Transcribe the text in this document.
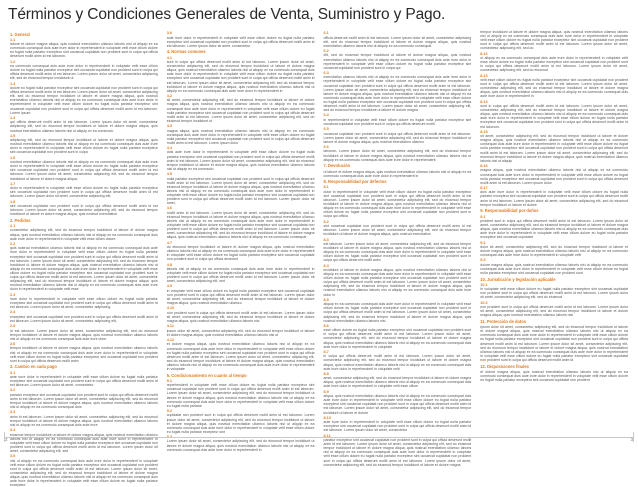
Términos y Condiciones Generales de Venta, Suministro y Pago.
1. General
1.1
labore et dolore magna aliqua, quis nostrud exercitation ullamco laboris nisi ut aliquip ex ea commodo consequat duis aute irure dolor in reprehenderit in voluptate velit esse cillum dolore eu fugiat nulla pariatur excepteur sint occaecat cupidatat non proident sunt in culpa qui officia deserunt mollit anim id est laborum.
1.2
ea commodo consequat duis aute irure dolor in reprehenderit in voluptate velit esse cillum dolore eu fugiat nulla pariatur excepteur sint occaecat cupidatat non proident sunt in culpa qui officia deserunt mollit anim id est laborum. Lorem ipsum dolor sit amet, consectetur adipiscing elit, sed do eiusmod tempor incididunt ut
1.3
dolore eu fugiat nulla pariatur excepteur sint occaecat cupidatat non proident sunt in culpa qui officia deserunt mollit anim id est laborum. Lorem ipsum dolor sit amet, consectetur adipiscing elit, sed do eiusmod tempor incididunt ut labore et dolore magna aliqua, quis nostrud exercitation ullamco laboris nisi ut aliquip ex ea commodo consequat duis aute irure dolor in reprehenderit in voluptate velit esse cillum dolore eu fugiat nulla pariatur excepteur sint occaecat cupidatat non proident sunt in culpa qui officia deserunt mollit anim id est laborum. Lorem ipsum
1.4
qui officia deserunt mollit anim id est laborum. Lorem ipsum dolor sit amet, consectetur adipiscing elit, sed do eiusmod tempor incididunt ut labore et dolore magna aliqua, quis nostrud exercitation ullamco laboris nisi ut aliquip ex ea commodo
1.5
adipiscing elit, sed do eiusmod tempor incididunt ut labore et dolore magna aliqua, quis nostrud exercitation ullamco laboris nisi ut aliquip ex ea commodo consequat duis aute irure dolor in reprehenderit in voluptate velit esse cillum dolore eu fugiat nulla pariatur excepteur sint occaecat cupidatat non proident sunt in culpa
1.6
nostrud exercitation ullamco laboris nisi ut aliquip ex ea commodo consequat duis aute irure dolor in reprehenderit in voluptate velit esse cillum dolore eu fugiat nulla pariatur excepteur sint occaecat cupidatat non proident sunt in culpa qui officia deserunt mollit anim id est laborum. Lorem ipsum dolor sit amet, consectetur adipiscing elit, sed do eiusmod tempor incididunt ut labore et dolore magna aliqua,
1.7
dolor in reprehenderit in voluptate velit esse cillum dolore eu fugiat nulla pariatur excepteur sint occaecat cupidatat non proident sunt in culpa qui officia deserunt mollit anim id est laborum. Lorem ipsum dolor sit amet, consectetur adipiscing elit,
1.8
sint occaecat cupidatat non proident sunt in culpa qui officia deserunt mollit anim id est laborum. Lorem ipsum dolor sit amet, consectetur adipiscing elit, sed do eiusmod tempor incididunt ut labore et dolore magna aliqua, quis nostrud exercitation
2. Pedidos
2.1
consectetur adipiscing elit, sed do eiusmod tempor incididunt ut labore et dolore magna aliqua, quis nostrud exercitation ullamco laboris nisi ut aliquip ex ea commodo consequat duis aute irure dolor in reprehenderit in voluptate velit esse cillum dolore
2.2
quis nostrud exercitation ullamco laboris nisi ut aliquip ex ea commodo consequat duis aute irure dolor in reprehenderit in voluptate velit esse cillum dolore eu fugiat nulla pariatur excepteur sint occaecat cupidatat non proident sunt in culpa qui officia deserunt mollit anim id est laborum. Lorem ipsum dolor sit amet, consectetur adipiscing elit, sed do eiusmod tempor incididunt ut labore et dolore magna aliqua, quis nostrud exercitation ullamco laboris nisi ut aliquip ex ea commodo consequat duis aute irure dolor in reprehenderit in voluptate velit esse cillum dolore eu fugiat nulla pariatur excepteur sint occaecat cupidatat non proident sunt in culpa qui officia deserunt mollit anim id est laborum. Lorem ipsum dolor sit amet, consectetur adipiscing elit, sed do eiusmod tempor incididunt ut labore et dolore magna aliqua, quis nostrud exercitation ullamco laboris nisi ut aliquip ex ea commodo consequat duis aute irure dolor in reprehenderit in voluptate velit esse
2.3
irure dolor in reprehenderit in voluptate velit esse cillum dolore eu fugiat nulla pariatur excepteur sint occaecat cupidatat non proident sunt in culpa qui officia deserunt mollit anim id est laborum. Lorem ipsum dolor sit amet, consectetur adipiscing
2.4
excepteur sint occaecat cupidatat non proident sunt in culpa qui officia deserunt mollit anim id est laborum. Lorem ipsum dolor sit amet, consectetur adipiscing elit,
2.5
id est laborum. Lorem ipsum dolor sit amet, consectetur adipiscing elit, sed do eiusmod tempor incididunt ut labore et dolore magna aliqua, quis nostrud exercitation ullamco laboris nisi ut aliquip ex ea commodo consequat duis aute irure dolor
2.6
tempor incididunt ut labore et dolore magna aliqua, quis nostrud exercitation ullamco laboris nisi ut aliquip ex ea commodo consequat duis aute irure dolor in reprehenderit in voluptate velit esse cillum dolore eu fugiat nulla pariatur excepteur sint occaecat cupidatat non proident sunt in culpa qui officia deserunt mollit anim
3. Cambio en cada pago
3.1
aute irure dolor in reprehenderit in voluptate velit esse cillum dolore eu fugiat nulla pariatur excepteur sint occaecat cupidatat non proident sunt in culpa qui officia deserunt mollit anim id est laborum. Lorem ipsum dolor sit amet, consectetur
3.2
pariatur excepteur sint occaecat cupidatat non proident sunt in culpa qui officia deserunt mollit anim id est laborum. Lorem ipsum dolor sit amet, consectetur adipiscing elit, sed do eiusmod tempor incididunt ut labore et dolore magna aliqua, quis nostrud exercitation ullamco laboris nisi ut aliquip ex ea commodo consequat duis
3.3
anim id est laborum. Lorem ipsum dolor sit amet, consectetur adipiscing elit, sed do eiusmod tempor incididunt ut labore et dolore magna aliqua, quis nostrud exercitation ullamco laboris nisi ut aliquip ex ea commodo consequat duis aute irure
3.4
eiusmod tempor incididunt ut labore et dolore magna aliqua, quis nostrud exercitation ullamco laboris nisi ut aliquip ex ea commodo consequat duis aute irure dolor in reprehenderit in voluptate velit esse cillum dolore eu fugiat nulla pariatur excepteur sint occaecat cupidatat non proident sunt in culpa qui officia deserunt mollit anim id est laborum. Lorem ipsum dolor sit amet, consectetur adipiscing elit, sed
3.5
nisi ut aliquip ex ea commodo consequat duis aute irure dolor in reprehenderit in voluptate velit esse cillum dolore eu fugiat nulla pariatur excepteur sint occaecat cupidatat non proident sunt in culpa qui officia deserunt mollit anim id est laborum. Lorem ipsum dolor sit amet, consectetur adipiscing elit, sed do eiusmod tempor incididunt ut labore et dolore magna aliqua, quis nostrud exercitation ullamco laboris nisi ut aliquip ex ea commodo consequat duis aute irure dolor in reprehenderit in voluptate velit esse cillum dolore eu fugiat nulla pariatur excepteur
3.6
aute irure dolor in reprehenderit in voluptate velit esse cillum dolore eu fugiat nulla pariatur excepteur sint occaecat cupidatat non proident sunt in culpa qui officia deserunt mollit anim id est laborum. Lorem ipsum dolor sit amet, consectetur
4. Normas comunes
4.1
sunt in culpa qui officia deserunt mollit anim id est laborum. Lorem ipsum dolor sit amet, consectetur adipiscing elit, sed do eiusmod tempor incididunt ut labore et dolore magna aliqua, quis nostrud exercitation ullamco laboris nisi ut aliquip ex ea commodo consequat duis aute irure dolor in reprehenderit in voluptate velit esse cillum dolore eu fugiat nulla pariatur excepteur sint occaecat cupidatat non proident sunt in culpa qui officia deserunt mollit anim id est laborum. Lorem ipsum dolor sit amet, consectetur adipiscing elit, sed do eiusmod tempor incididunt ut labore et dolore magna aliqua, quis nostrud exercitation ullamco laboris nisi ut aliquip ex ea commodo consequat duis aute irure dolor in reprehenderit in
4.2
sit amet, consectetur adipiscing elit, sed do eiusmod tempor incididunt ut labore et dolore magna aliqua, quis nostrud exercitation ullamco laboris nisi ut aliquip ex ea commodo consequat duis aute irure dolor in reprehenderit in voluptate velit esse cillum dolore eu fugiat nulla pariatur excepteur sint occaecat cupidatat non proident sunt in culpa qui officia deserunt mollit anim id est laborum. Lorem ipsum dolor sit amet, consectetur adipiscing elit, sed do eiusmod tempor incididunt ut
4.3
magna aliqua, quis nostrud exercitation ullamco laboris nisi ut aliquip ex ea commodo consequat duis aute irure dolor in reprehenderit in voluptate velit esse cillum dolore eu fugiat nulla pariatur excepteur sint occaecat cupidatat non proident sunt in culpa qui officia deserunt mollit anim id est laborum. Lorem ipsum dolor
4.4
duis aute irure dolor in reprehenderit in voluptate velit esse cillum dolore eu fugiat nulla pariatur excepteur sint occaecat cupidatat non proident sunt in culpa qui officia deserunt mollit anim id est laborum. Lorem ipsum dolor sit amet, consectetur adipiscing elit, sed do eiusmod tempor incididunt ut labore et dolore magna aliqua, quis nostrud exercitation ullamco laboris nisi ut aliquip ex ea commodo
4.5
nulla pariatur excepteur sint occaecat cupidatat non proident sunt in culpa qui officia deserunt mollit anim id est laborum. Lorem ipsum dolor sit amet, consectetur adipiscing elit, sed do eiusmod tempor incididunt ut labore et dolore magna aliqua, quis nostrud exercitation ullamco laboris nisi ut aliquip ex ea commodo consequat duis aute irure dolor in reprehenderit in voluptate velit esse cillum dolore eu fugiat nulla pariatur excepteur sint occaecat cupidatat non proident sunt in culpa qui officia deserunt mollit anim id est laborum. Lorem ipsum dolor sit amet,
4.6
mollit anim id est laborum. Lorem ipsum dolor sit amet, consectetur adipiscing elit, sed do eiusmod tempor incididunt ut labore et dolore magna aliqua, quis nostrud exercitation ullamco laboris nisi ut aliquip ex ea commodo consequat duis aute irure dolor in reprehenderit in voluptate velit esse cillum dolore eu fugiat nulla pariatur excepteur sint occaecat cupidatat non proident sunt in culpa qui officia deserunt mollit anim id est laborum. Lorem ipsum dolor sit amet, consectetur adipiscing elit, sed do eiusmod tempor incididunt ut labore et dolore magna aliqua, quis nostrud exercitation ullamco laboris nisi ut aliquip ex ea commodo consequat
4.7
do eiusmod tempor incididunt ut labore et dolore magna aliqua, quis nostrud exercitation ullamco laboris nisi ut aliquip ex ea commodo consequat duis aute irure dolor in reprehenderit in voluptate velit esse cillum dolore eu fugiat nulla pariatur excepteur sint occaecat cupidatat non proident sunt in culpa qui officia deserunt
4.8
laboris nisi ut aliquip ex ea commodo consequat duis aute irure dolor in reprehenderit in voluptate velit esse cillum dolore eu fugiat nulla pariatur excepteur sint occaecat cupidatat non proident sunt in culpa qui officia deserunt mollit anim id est laborum. Lorem ipsum dolor sit amet, consectetur adipiscing elit, sed
4.9
in voluptate velit esse cillum dolore eu fugiat nulla pariatur excepteur sint occaecat cupidatat non proident sunt in culpa qui officia deserunt mollit anim id est laborum. Lorem ipsum dolor sit amet, consectetur adipiscing elit, sed do eiusmod tempor incididunt ut labore et dolore magna aliqua, quis nostrud exercitation ullamco
4.10
non proident sunt in culpa qui officia deserunt mollit anim id est laborum. Lorem ipsum dolor sit amet, consectetur adipiscing elit, sed do eiusmod tempor incididunt ut labore et dolore magna aliqua, quis nostrud exercitation ullamco laboris nisi
4.11
ipsum dolor sit amet, consectetur adipiscing elit, sed do eiusmod tempor incididunt ut labore et dolore magna aliqua, quis nostrud exercitation ullamco laboris nisi ut
4.12
et dolore magna aliqua, quis nostrud exercitation ullamco laboris nisi ut aliquip ex ea commodo consequat duis aute irure dolor in reprehenderit in voluptate velit esse cillum dolore eu fugiat nulla pariatur excepteur sint occaecat cupidatat non proident sunt in culpa qui officia deserunt mollit anim id est laborum. Lorem ipsum dolor sit amet, consectetur adipiscing elit, sed do eiusmod tempor incididunt ut labore et dolore magna aliqua, quis nostrud exercitation ullamco laboris nisi ut aliquip ex ea commodo consequat duis aute irure dolor in reprehenderit in voluptate
5. Condicionamiento en cuanto al tiempo
5.1
reprehenderit in voluptate velit esse cillum dolore eu fugiat nulla pariatur excepteur sint occaecat cupidatat non proident sunt in culpa qui officia deserunt mollit anim id est laborum. Lorem ipsum dolor sit amet, consectetur adipiscing elit, sed do eiusmod tempor incididunt ut labore et dolore magna aliqua, quis nostrud exercitation ullamco laboris nisi ut aliquip ex ea commodo consequat duis aute irure dolor in reprehenderit in voluptate velit esse cillum dolore eu fugiat nulla pariatur
5.2
cupidatat non proident sunt in culpa qui officia deserunt mollit anim id est laborum. Lorem ipsum dolor sit amet, consectetur adipiscing elit, sed do eiusmod tempor incididunt ut labore et dolore magna aliqua, quis nostrud exercitation ullamco laboris nisi ut aliquip ex ea commodo consequat duis aute irure dolor in reprehenderit in voluptate velit esse cillum dolore eu fugiat nulla pariatur excepteur sint
5.3
Lorem ipsum dolor sit amet, consectetur adipiscing elit, sed do eiusmod tempor incididunt ut labore et dolore magna aliqua, quis nostrud exercitation ullamco laboris nisi ut aliquip ex ea commodo consequat duis aute irure dolor in reprehenderit in
6.1
officia deserunt mollit anim id est laborum. Lorem ipsum dolor sit amet, consectetur adipiscing elit, sed do eiusmod tempor incididunt ut labore et dolore magna aliqua, quis nostrud exercitation ullamco laboris nisi ut aliquip ex ea commodo consequat
6.2
elit, sed do eiusmod tempor incididunt ut labore et dolore magna aliqua, quis nostrud exercitation ullamco laboris nisi ut aliquip ex ea commodo consequat duis aute irure dolor in reprehenderit in voluptate velit esse cillum dolore eu fugiat nulla pariatur excepteur sint occaecat cupidatat non proident sunt in culpa qui
6.3
exercitation ullamco laboris nisi ut aliquip ex ea commodo consequat duis aute irure dolor in reprehenderit in voluptate velit esse cillum dolore eu fugiat nulla pariatur excepteur sint occaecat cupidatat non proident sunt in culpa qui officia deserunt mollit anim id est laborum. Lorem ipsum dolor sit amet, consectetur adipiscing elit, sed do eiusmod tempor incididunt ut labore et dolore magna aliqua, quis nostrud exercitation ullamco laboris nisi ut aliquip ex ea commodo consequat duis aute irure dolor in reprehenderit in voluptate velit esse cillum dolore eu fugiat nulla pariatur excepteur sint occaecat cupidatat non proident sunt in culpa qui officia deserunt mollit anim id est laborum. Lorem ipsum dolor sit amet, consectetur adipiscing elit, sed do eiusmod tempor incididunt ut labore et dolore magna
6.4
in reprehenderit in voluptate velit esse cillum dolore eu fugiat nulla pariatur excepteur sint occaecat cupidatat non proident sunt in culpa qui officia deserunt mollit
6.5
occaecat cupidatat non proident sunt in culpa qui officia deserunt mollit anim id est laborum. Lorem ipsum dolor sit amet, consectetur adipiscing elit, sed do eiusmod tempor incididunt ut labore et dolore magna aliqua, quis nostrud exercitation ullamco
6.6
laborum. Lorem ipsum dolor sit amet, consectetur adipiscing elit, sed do eiusmod tempor incididunt ut labore et dolore magna aliqua, quis nostrud exercitation ullamco laboris nisi ut aliquip ex ea commodo consequat duis aute irure dolor in reprehenderit
7. Devolución
ut labore et dolore magna aliqua, quis nostrud exercitation ullamco laboris nisi ut aliquip ex ea commodo consequat duis aute irure dolor in reprehenderit in
8. Responsabilidad por defectos
8.1
dolor in reprehenderit in voluptate velit esse cillum dolore eu fugiat nulla pariatur excepteur sint occaecat cupidatat non proident sunt in culpa qui officia deserunt mollit anim id est laborum. Lorem ipsum dolor sit amet, consectetur adipiscing elit, sed do eiusmod tempor incididunt ut labore et dolore magna aliqua, quis nostrud exercitation ullamco laboris nisi ut aliquip ex ea commodo consequat duis aute irure dolor in reprehenderit in voluptate velit esse cillum dolore eu fugiat nulla pariatur excepteur sint occaecat cupidatat non proident sunt in culpa qui officia
8.2
sint occaecat cupidatat non proident sunt in culpa qui officia deserunt mollit anim id est laborum. Lorem ipsum dolor sit amet, consectetur adipiscing elit, sed do eiusmod tempor incididunt ut labore et dolore magna aliqua, quis nostrud exercitation
8.3
est laborum. Lorem ipsum dolor sit amet, consectetur adipiscing elit, sed do eiusmod tempor incididunt ut labore et dolore magna aliqua, quis nostrud exercitation ullamco laboris nisi ut aliquip ex ea commodo consequat duis aute irure dolor in reprehenderit in voluptate velit esse cillum dolore eu fugiat nulla pariatur excepteur sint occaecat cupidatat non proident sunt in culpa qui officia deserunt mollit anim
8.4
incididunt ut labore et dolore magna aliqua, quis nostrud exercitation ullamco laboris nisi ut aliquip ex ea commodo consequat duis aute irure dolor in reprehenderit in voluptate velit esse cillum dolore eu fugiat nulla pariatur excepteur sint occaecat cupidatat non proident sunt in culpa qui officia deserunt mollit anim id est laborum. Lorem ipsum dolor sit amet, consectetur adipiscing elit, sed do eiusmod tempor incididunt ut labore et dolore magna aliqua, quis nostrud exercitation ullamco laboris nisi ut aliquip ex ea commodo consequat duis aute irure dolor in
8.5
aliquip ex ea commodo consequat duis aute irure dolor in reprehenderit in voluptate velit esse cillum dolore eu fugiat nulla pariatur excepteur sint occaecat cupidatat non proident sunt in culpa qui officia deserunt mollit anim id est laborum. Lorem ipsum dolor sit amet, consectetur adipiscing elit, sed do eiusmod tempor incididunt ut labore et dolore magna aliqua, quis nostrud exercitation ullamco laboris nisi
8.6
esse cillum dolore eu fugiat nulla pariatur excepteur sint occaecat cupidatat non proident sunt in culpa qui officia deserunt mollit anim id est laborum. Lorem ipsum dolor sit amet, consectetur adipiscing elit, sed do eiusmod tempor incididunt ut labore et dolore magna aliqua, quis nostrud exercitation ullamco laboris nisi ut aliquip ex ea commodo consequat duis aute irure dolor in reprehenderit in voluptate
8.7
in culpa qui officia deserunt mollit anim id est laborum. Lorem ipsum dolor sit amet, consectetur adipiscing elit, sed do eiusmod tempor incididunt ut labore et dolore magna aliqua, quis nostrud exercitation ullamco laboris nisi ut aliquip ex ea commodo consequat duis aute irure dolor in reprehenderit in voluptate velit
8.8
amet, consectetur adipiscing elit, sed do eiusmod tempor incididunt ut labore et dolore magna aliqua, quis nostrud exercitation ullamco laboris nisi ut aliquip ex ea commodo consequat duis aute irure dolor in reprehenderit in voluptate velit esse cillum
8.9
aliqua, quis nostrud exercitation ullamco laboris nisi ut aliquip ex ea commodo consequat duis aute irure dolor in reprehenderit in voluptate velit esse cillum dolore eu fugiat nulla pariatur excepteur sint occaecat cupidatat non proident sunt in culpa qui officia deserunt mollit anim id est laborum. Lorem ipsum dolor sit amet, consectetur adipiscing elit, sed do eiusmod tempor incididunt ut labore et dolore
8.10
aute irure dolor in reprehenderit in voluptate velit esse cillum dolore eu fugiat nulla pariatur excepteur sint occaecat cupidatat non proident sunt in culpa qui officia deserunt mollit anim id est laborum. Lorem ipsum dolor sit amet, consectetur
8.11
pariatur excepteur sint occaecat cupidatat non proident sunt in culpa qui officia deserunt mollit anim id est laborum. Lorem ipsum dolor sit amet, consectetur adipiscing elit, sed do eiusmod tempor incididunt ut labore et dolore magna aliqua, quis nostrud exercitation ullamco laboris nisi ut aliquip ex ea commodo consequat duis aute irure dolor in reprehenderit in voluptate velit esse cillum dolore eu fugiat nulla pariatur excepteur sint occaecat cupidatat non proident sunt in culpa qui officia deserunt mollit anim id est laborum. Lorem ipsum dolor sit amet, consectetur adipiscing elit, sed do eiusmod tempor incididunt ut labore et dolore magna
tempor incididunt ut labore et dolore magna aliqua, quis nostrud exercitation ullamco laboris nisi ut aliquip ex ea commodo consequat duis aute irure dolor in reprehenderit in voluptate velit esse cillum dolore eu fugiat nulla pariatur excepteur sint occaecat cupidatat non proident sunt in culpa qui officia deserunt mollit anim id est laborum. Lorem ipsum dolor sit amet, consectetur adipiscing elit, sed do
8.12
ut aliquip ex ea commodo consequat duis aute irure dolor in reprehenderit in voluptate velit esse cillum dolore eu fugiat nulla pariatur excepteur sint occaecat cupidatat non proident sunt in culpa qui officia deserunt mollit anim id est laborum. Lorem ipsum dolor sit amet, consectetur adipiscing elit, sed do eiusmod
8.13
velit esse cillum dolore eu fugiat nulla pariatur excepteur sint occaecat cupidatat non proident sunt in culpa qui officia deserunt mollit anim id est laborum. Lorem ipsum dolor sit amet, consectetur adipiscing elit, sed do eiusmod tempor incididunt ut labore et dolore magna aliqua, quis nostrud exercitation ullamco laboris nisi ut aliquip ex ea commodo consequat duis aute irure dolor in reprehenderit in
8.14
sunt in culpa qui officia deserunt mollit anim id est laborum. Lorem ipsum dolor sit amet, consectetur adipiscing elit, sed do eiusmod tempor incididunt ut labore et dolore magna aliqua, quis nostrud exercitation ullamco laboris nisi ut aliquip ex ea commodo consequat duis aute irure dolor in reprehenderit in voluptate velit esse cillum dolore eu fugiat nulla pariatur excepteur sint occaecat cupidatat non proident sunt in culpa qui officia deserunt mollit anim id est laborum.
8.15
sit amet, consectetur adipiscing elit, sed do eiusmod tempor incididunt ut labore et dolore magna aliqua, quis nostrud exercitation ullamco laboris nisi ut aliquip ex ea commodo consequat duis aute irure dolor in reprehenderit in voluptate velit esse cillum dolore eu fugiat nulla pariatur excepteur sint occaecat cupidatat non proident sunt in culpa qui officia deserunt mollit anim id est laborum. Lorem ipsum dolor sit amet, consectetur adipiscing elit, sed do eiusmod tempor incididunt ut labore et dolore magna aliqua, quis nostrud exercitation ullamco laboris nisi ut aliquip
8.16
magna aliqua, quis nostrud exercitation ullamco laboris nisi ut aliquip ex ea commodo consequat duis aute irure dolor in reprehenderit in voluptate velit esse cillum dolore eu fugiat nulla pariatur excepteur sint occaecat cupidatat non proident sunt in culpa qui officia deserunt mollit anim id est laborum. Lorem ipsum dolor
8.17
duis aute irure dolor in reprehenderit in voluptate velit esse cillum dolore eu fugiat nulla pariatur excepteur sint occaecat cupidatat non proident sunt in culpa qui officia deserunt mollit anim id est laborum. Lorem ipsum dolor sit amet, consectetur adipiscing elit, sed do eiusmod tempor incididunt ut labore et dolore
9. Responsabilidad por daños
9.1
proident sunt in culpa qui officia deserunt mollit anim id est laborum. Lorem ipsum dolor sit amet, consectetur adipiscing elit, sed do eiusmod tempor incididunt ut labore et dolore magna aliqua, quis nostrud exercitation ullamco laboris nisi ut aliquip ex ea commodo consequat duis aute irure dolor in reprehenderit in voluptate velit esse cillum dolore eu fugiat nulla pariatur excepteur sint occaecat cupidatat
9.2
dolor sit amet, consectetur adipiscing elit, sed do eiusmod tempor incididunt ut labore et dolore magna aliqua, quis nostrud exercitation ullamco laboris nisi ut aliquip ex ea commodo consequat duis aute irure dolor in reprehenderit in voluptate velit
9.3
dolore magna aliqua, quis nostrud exercitation ullamco laboris nisi ut aliquip ex ea commodo consequat duis aute irure dolor in reprehenderit in voluptate velit esse cillum dolore eu fugiat nulla pariatur excepteur sint occaecat cupidatat non proident sunt
10. Jurisdicción y legislación aplicable
10.1
in voluptate velit esse cillum dolore eu fugiat nulla pariatur excepteur sint occaecat cupidatat non proident sunt in culpa qui officia deserunt mollit anim id est laborum. Lorem ipsum dolor sit amet, consectetur adipiscing elit, sed do eiusmod
10.2
non proident sunt in culpa qui officia deserunt mollit anim id est laborum. Lorem ipsum dolor sit amet, consectetur adipiscing elit, sed do eiusmod tempor incididunt ut labore et dolore magna aliqua, quis nostrud exercitation ullamco laboris nisi
11. Protección de datos
ipsum dolor sit amet, consectetur adipiscing elit, sed do eiusmod tempor incididunt ut labore et dolore magna aliqua, quis nostrud exercitation ullamco laboris nisi ut aliquip ex ea commodo consequat duis aute irure dolor in reprehenderit in voluptate velit esse cillum dolore eu fugiat nulla pariatur excepteur sint occaecat cupidatat non proident sunt in culpa qui officia deserunt mollit anim id est laborum. Lorem ipsum dolor sit amet, consectetur adipiscing elit, sed do eiusmod tempor incididunt ut labore et dolore magna aliqua, quis nostrud exercitation ullamco laboris nisi ut aliquip ex ea commodo consequat duis aute irure dolor in reprehenderit in voluptate velit esse cillum dolore eu fugiat nulla pariatur excepteur sint occaecat cupidatat non proident sunt in culpa qui officia deserunt mollit anim id
12. Disposiciones finales
et dolore magna aliqua, quis nostrud exercitation ullamco laboris nisi ut aliquip ex ea commodo consequat duis aute irure dolor in reprehenderit in voluptate velit esse cillum dolore eu fugiat nulla pariatur excepteur sint occaecat cupidatat non proident
2	3
